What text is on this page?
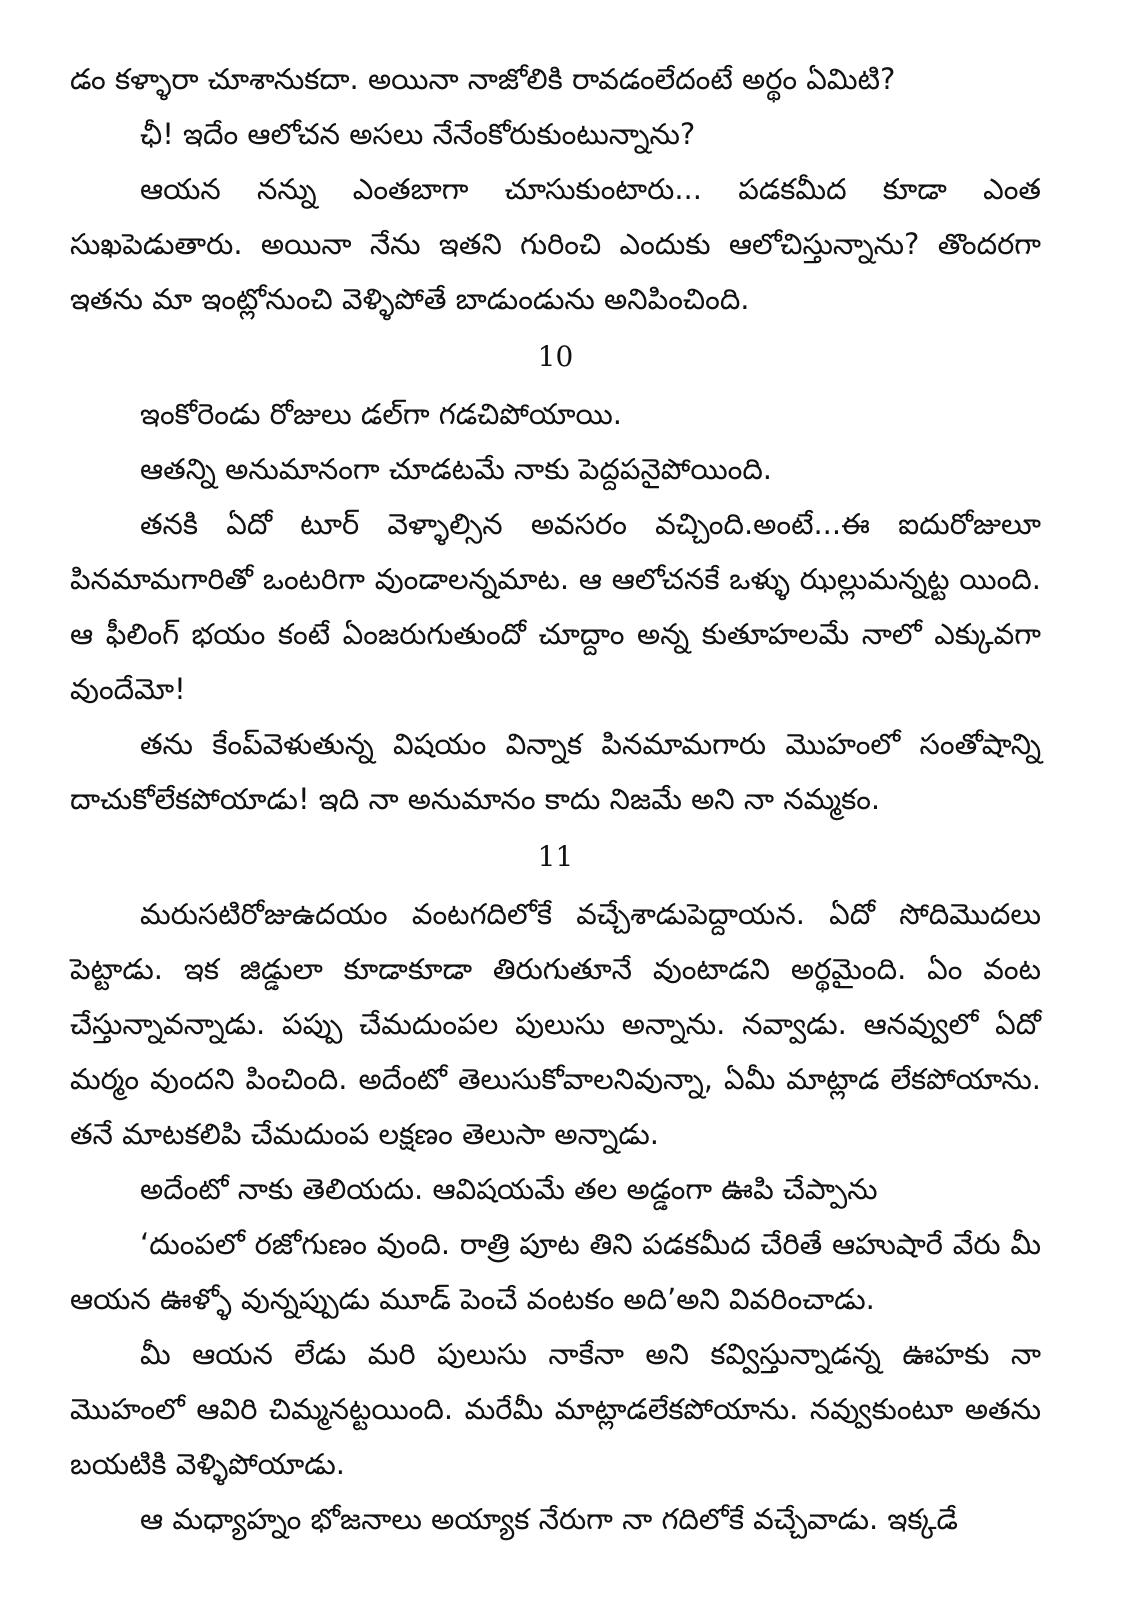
డం కళ్ళారా చూశానుకదా. అయినా నాజోలికి రావడంలేదంటే అర్థం ఏమిటి?

ఛీ! ఇదేం ఆలోచన అసలు నేనేంకోరుకుంటున్నాను?

ఆయన నన్ను ఎంతబాగా చూసుకుంటారు... పడకమీద కూడా ఎంత సుఖపెడుతారు. అయినా నేను ఇతని గురించి ఎందుకు ఆలోచిస్తున్నాను? తొందరగా ఇతను మా ఇంట్లోనుంచి వెళ్ళిపోతే బాడుండును అనిపించింది.

10

ఇంకోరెండు రోజులు డల్‌గా గడచిపోయాయి.

ఆతన్ని అనుమానంగా చూడటమే నాకు పెద్దపనైపోయింది.

తనకి ఏదో టూర్ వెళ్ళాల్సిన అవసరం వచ్చింది.అంటే...ఈ ఐదురోజులూ పినమామగారితో ఒంటరిగా వుండాలన్నమాట. ఆ ఆలోచనకే ఒళ్ళు ఝల్లుమన్నట్ట యింది. ఆ ఫీలింగ్ భయం కంటే ఏంజరుగుతుందో చూద్దాం అన్న కుతూహలమే నాలో ఎక్కువగా వుందేమో!

తను కేంప్‌వెళుతున్న విషయం విన్నాక పినమామగారు మొహంలో సంతోషాన్ని దాచుకోలేకపోయాడు! ఇది నా అనుమానం కాదు నిజమే అని నా నమ్మకం.

11

మరుసటిరోజుఉదయం వంటగదిలోకే వచ్చేశాడుపెద్దాయన. ఏదో సోదిమొదలు పెట్టాడు. ఇక జిడ్డులా కూడాకూడా తిరుగుతూనే వుంటాడని అర్థమైంది. ఏం వంట చేస్తున్నావన్నాడు. పప్పు చేమదుంపల పులుసు అన్నాను. నవ్వాడు. ఆనవ్వులో ఏదో మర్మం వుందని పించింది. అదేంటో తెలుసుకోవాలనివున్నా, ఏమీ మాట్లాడ లేకపోయాను. తనే మాటకలిపి చేమదుంప లక్షణం తెలుసా అన్నాడు.

అదేంటో నాకు తెలియదు. ఆవిషయమే తల అడ్డంగా ఊపి చేప్పాను

‘దుంపలో రజోగుణం వుంది. రాత్రి పూట తిని పడకమీద చేరితే ఆహుషారే వేరు మీ ఆయన ఊళ్ళో వున్నప్పుడు మూడ్ పెంచే వంటకం అది’అని వివరించాడు.

మీ ఆయన లేడు మరి పులుసు నాకేనా అని కవ్విస్తున్నాడన్న ఊహకు నా మొహంలో ఆవిరి చిమ్మనట్టయింది. మరేమీ మాట్లాడలేకపోయాను. నవ్వుకుంటూ అతను బయటికి వెళ్ళిపోయాడు.

ఆ మధ్యాహ్నం భోజనాలు అయ్యాక నేరుగా నా గదిలోకే వచ్చేవాడు. ఇక్కడే
